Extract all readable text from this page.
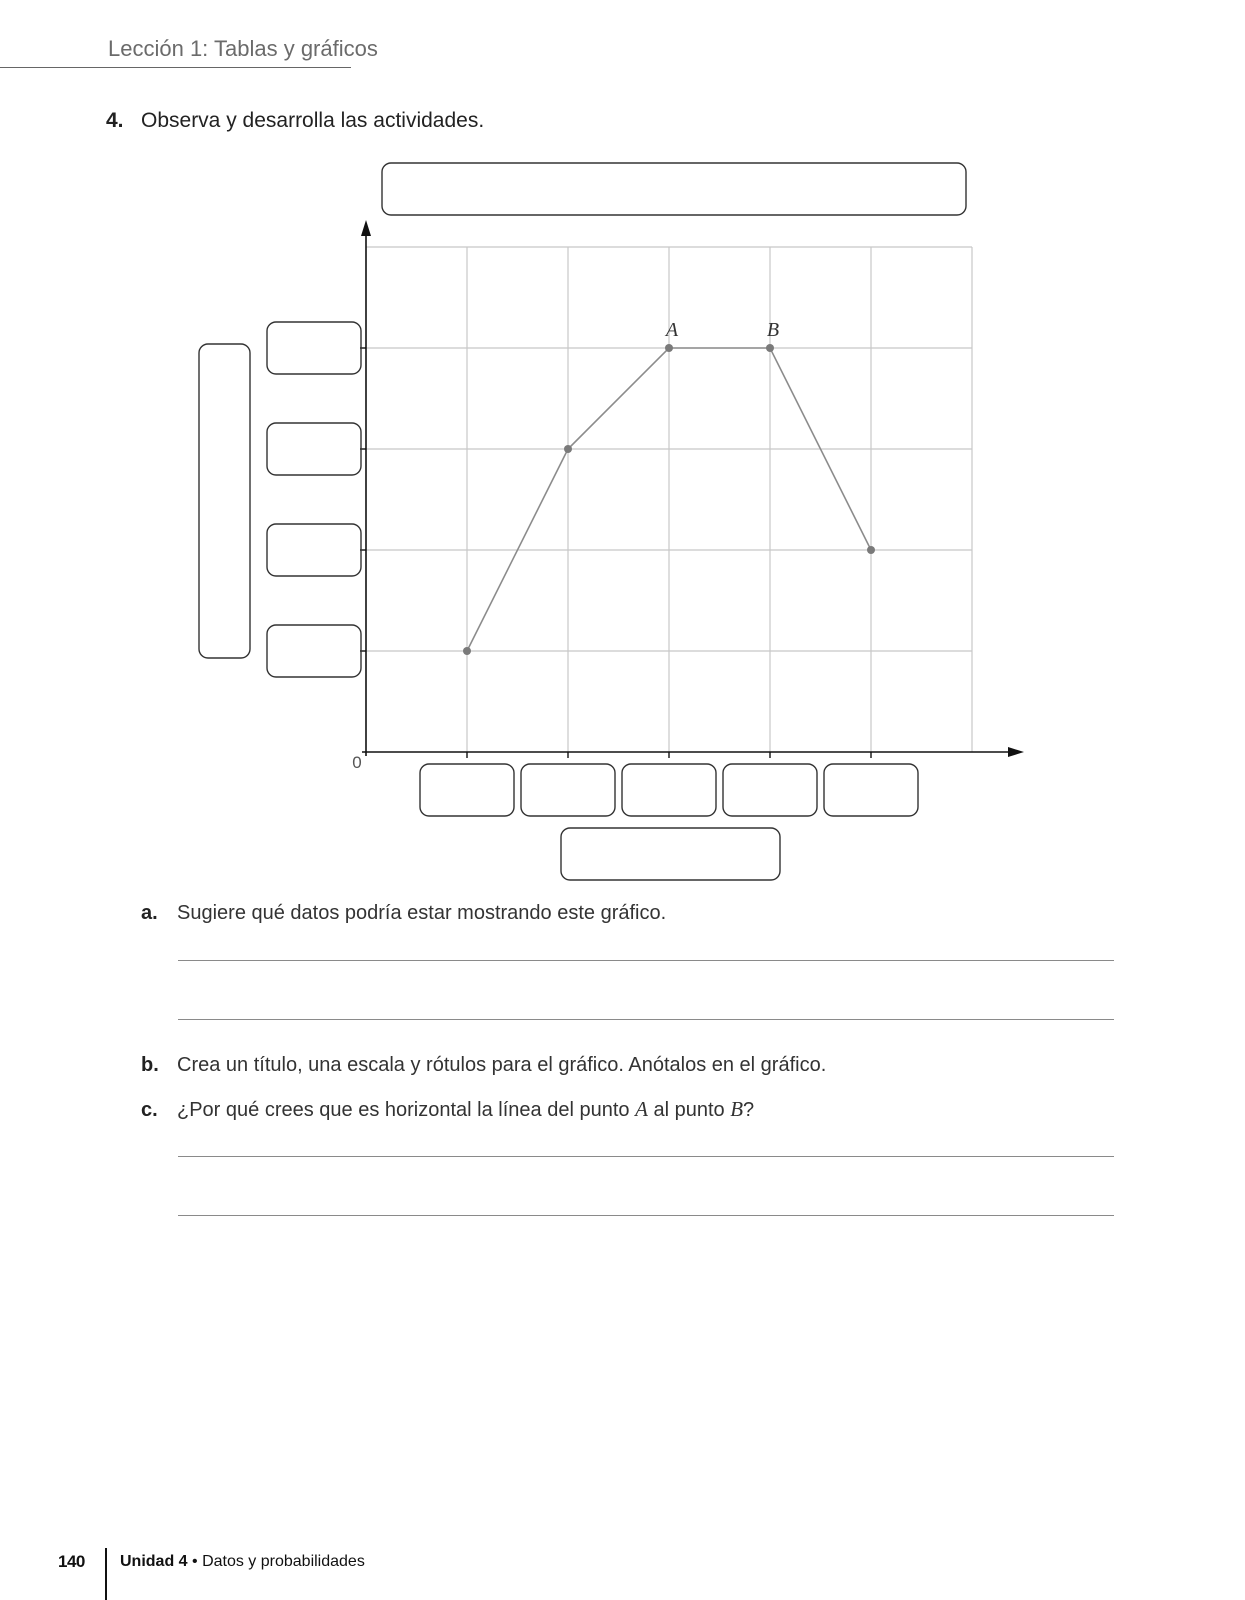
Lección 1: Tablas y gráficos
4. Observa y desarrolla las actividades.
A	B
0
a. Sugiere qué datos podría estar mostrando este gráfico.
b. Crea un título, una escala y rótulos para el gráfico. Anótalos en el gráfico.
c. ¿Por qué crees que es horizontal la línea del punto A al punto B?
140 Unidad 4 • Datos y probabilidades
